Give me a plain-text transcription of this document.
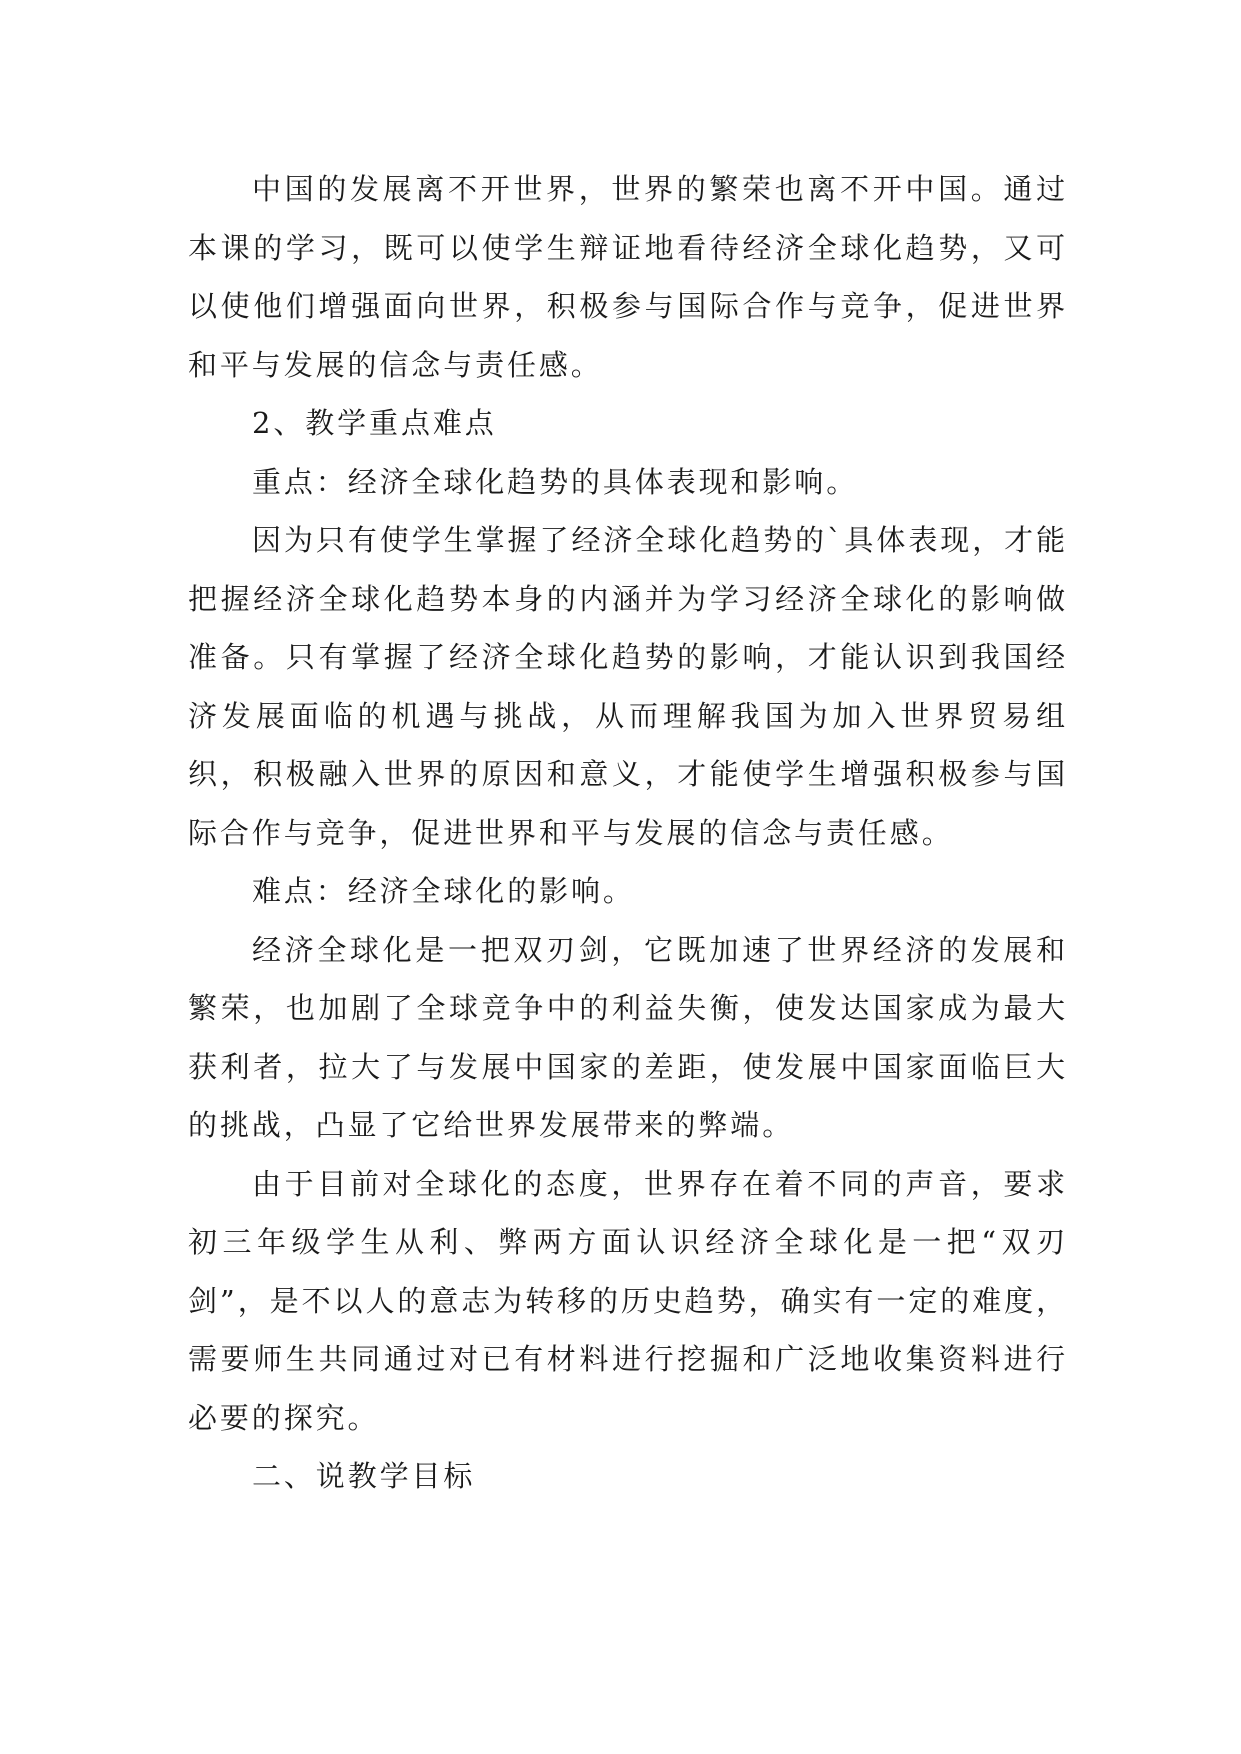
中国的发展离不开世界，世界的繁荣也离不开中国。通过本课的学习，既可以使学生辩证地看待经济全球化趋势，又可以使他们增强面向世界，积极参与国际合作与竞争，促进世界和平与发展的信念与责任感。

2、教学重点难点

重点：经济全球化趋势的具体表现和影响。

因为只有使学生掌握了经济全球化趋势的`具体表现，才能把握经济全球化趋势本身的内涵并为学习经济全球化的影响做准备。只有掌握了经济全球化趋势的影响，才能认识到我国经济发展面临的机遇与挑战，从而理解我国为加入世界贸易组织，积极融入世界的原因和意义，才能使学生增强积极参与国际合作与竞争，促进世界和平与发展的信念与责任感。

难点：经济全球化的影响。

经济全球化是一把双刃剑，它既加速了世界经济的发展和繁荣，也加剧了全球竞争中的利益失衡，使发达国家成为最大获利者，拉大了与发展中国家的差距，使发展中国家面临巨大的挑战，凸显了它给世界发展带来的弊端。

由于目前对全球化的态度，世界存在着不同的声音，要求初三年级学生从利、弊两方面认识经济全球化是一把“双刃剑”，是不以人的意志为转移的历史趋势，确实有一定的难度，需要师生共同通过对已有材料进行挖掘和广泛地收集资料进行必要的探究。

二、说教学目标
